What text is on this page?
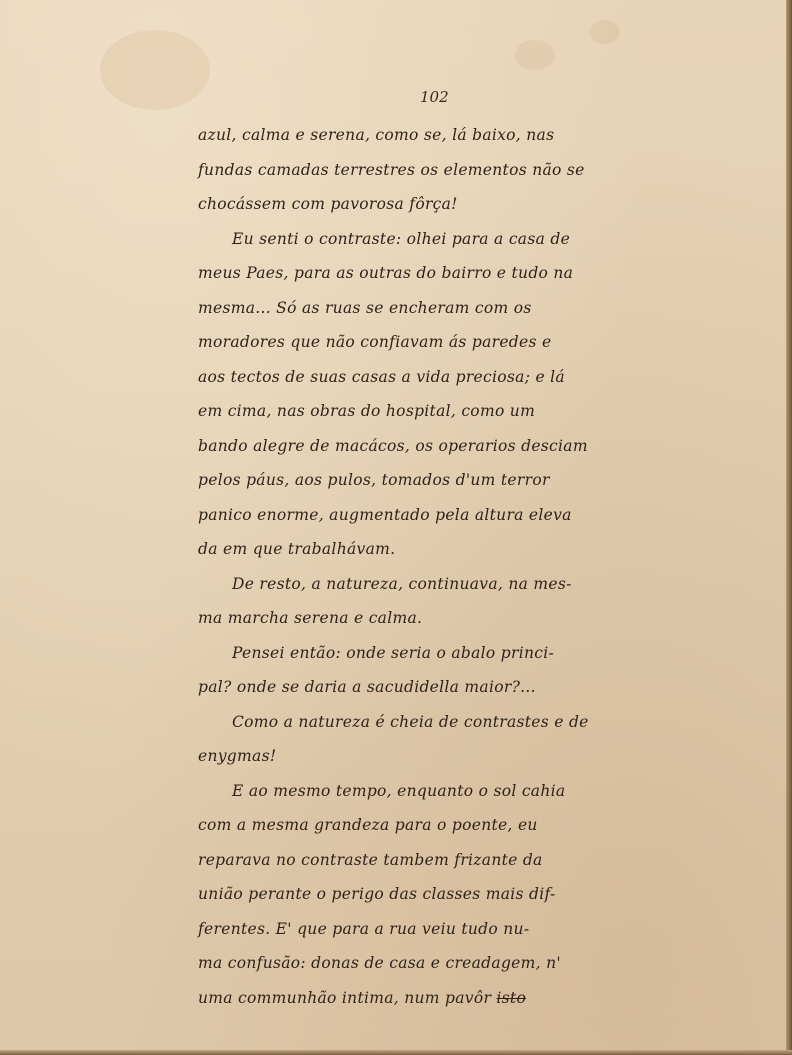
102
azul, calma e serena, como se, lá baixo, nas
fundas camadas terrestres os elementos não se
chocássem com pavorosa fôrça!
Eu senti o contraste: olhei para a casa de
meus Paes, para as outras do bairro e tudo na
mesma... Só as ruas se encheram com os
moradores que não confiavam ás paredes e
aos tectos de suas casas a vida preciosa; e lá
em cima, nas obras do hospital, como um
bando alegre de macácos, os operarios desciam
pelos páus, aos pulos, tomados d'um terror
panico enorme, augmentado pela altura eleva
da em que trabalhávam.
De resto, a natureza, continuava, na mes-
ma marcha serena e calma.
Pensei então: onde seria o abalo princi-
pal? onde se daria a sacudidella maior?...
Como a natureza é cheia de contrastes e de
enygmas!
E ao mesmo tempo, enquanto o sol cahia
com a mesma grandeza para o poente, eu
reparava no contraste tambem frizante da
união perante o perigo das classes mais dif-
ferentes. E' que para a rua veiu tudo nu-
ma confusão: donas de casa e creadagem, n'
uma communhão intima, num pavôr isto
